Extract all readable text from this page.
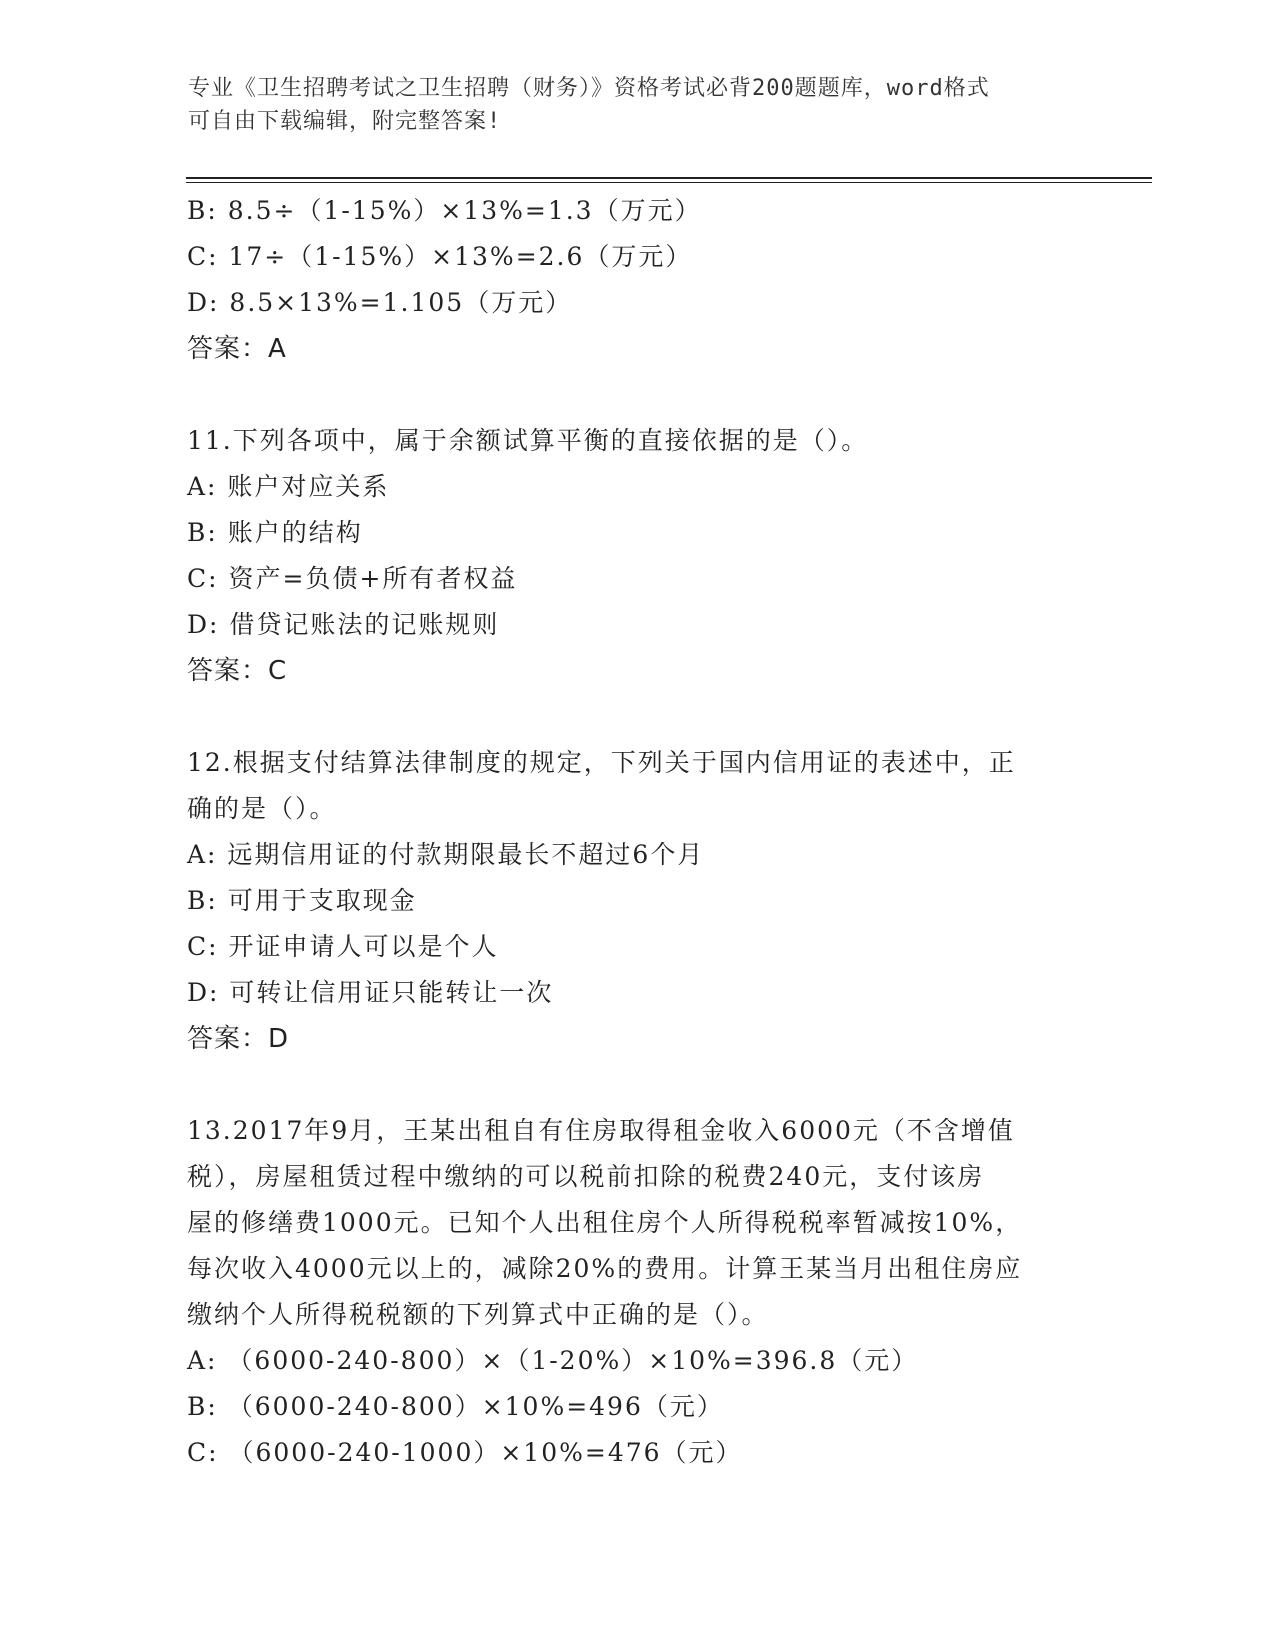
专业《卫生招聘考试之卫生招聘（财务）》资格考试必背200题题库，word格式
可自由下载编辑，附完整答案!
B: 8.5÷（1-15%）×13%=1.3（万元）
C: 17÷（1-15%）×13%=2.6（万元）
D: 8.5×13%=1.105（万元）
答案：A
11.下列各项中，属于余额试算平衡的直接依据的是（）。
A: 账户对应关系
B: 账户的结构
C: 资产=负债+所有者权益
D: 借贷记账法的记账规则
答案：C
12.根据支付结算法律制度的规定，下列关于国内信用证的表述中，正
确的是（）。
A: 远期信用证的付款期限最长不超过6个月
B: 可用于支取现金
C: 开证申请人可以是个人
D: 可转让信用证只能转让一次
答案：D
13.2017年9月，王某出租自有住房取得租金收入6000元（不含增值
税），房屋租赁过程中缴纳的可以税前扣除的税费240元，支付该房
屋的修缮费1000元。已知个人出租住房个人所得税税率暂减按10%，
每次收入4000元以上的，减除20%的费用。计算王某当月出租住房应
缴纳个人所得税税额的下列算式中正确的是（）。
A: （6000-240-800）×（1-20%）×10%=396.8（元）
B: （6000-240-800）×10%=496（元）
C: （6000-240-1000）×10%=476（元）
